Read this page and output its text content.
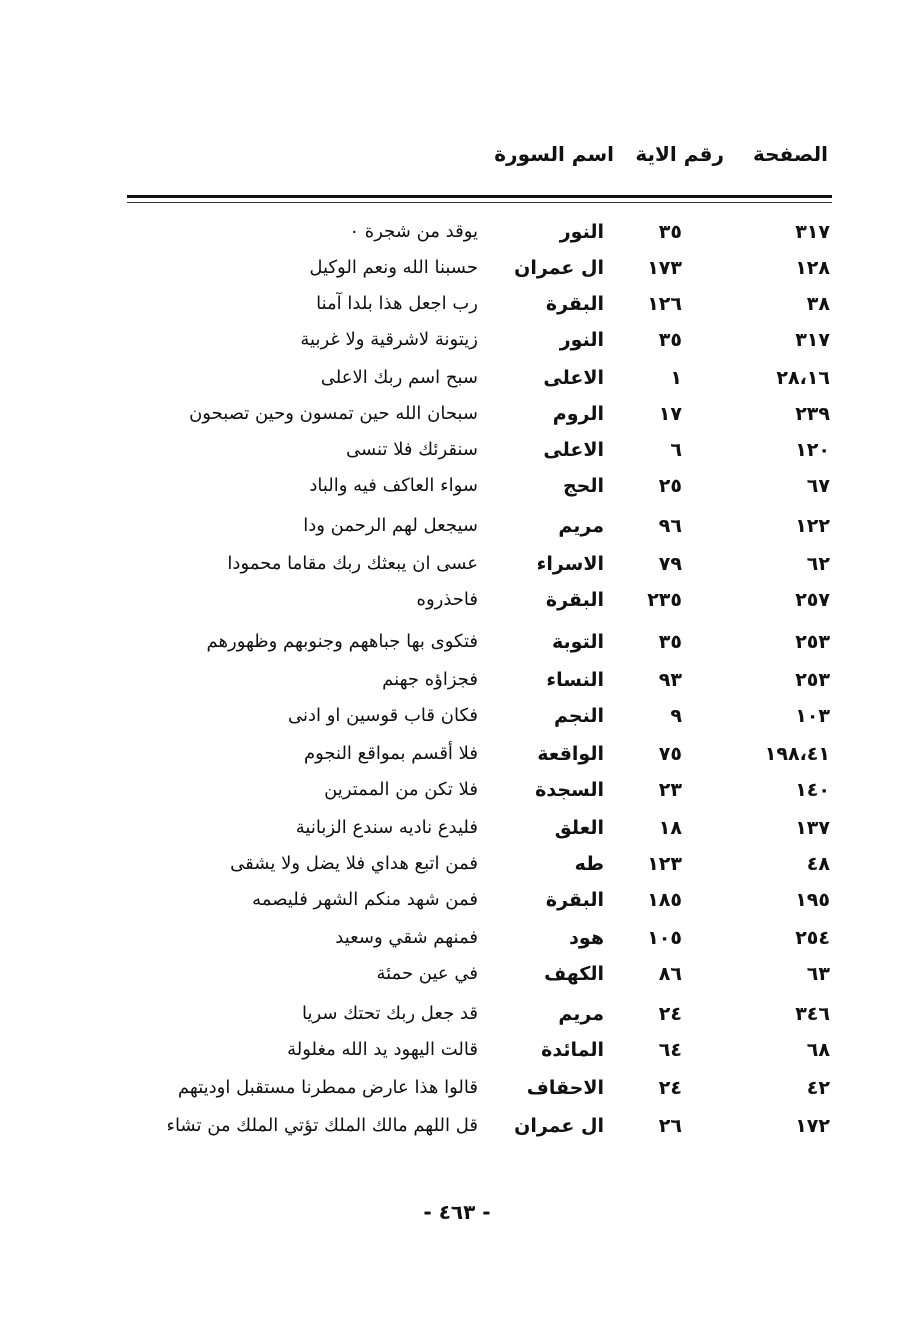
الصفحة
رقم الاية
اسم السورة
٣١٧
٣٥
النور
يوقد من شجرة ٠
١٢٨
١٧٣
ال عمران
حسبنا الله ونعم الوكيل
٣٨
١٢٦
البقرة
رب اجعل هذا بلدا آمنا
٣١٧
٣٥
النور
زيتونة لاشرقية ولا غربية
٢٨،١٦
١
الاعلى
سبح اسم ربك الاعلى
٢٣٩
١٧
الروم
سبحان الله حين تمسون وحين تصبحون
١٢٠
٦
الاعلى
سنقرئك فلا تنسى
٦٧
٢٥
الحج
سواء العاكف فيه والباد
١٢٢
٩٦
مريم
سيجعل لهم الرحمن ودا
٦٢
٧٩
الاسراء
عسى ان يبعثك ربك مقاما محمودا
٢٥٧
٢٣٥
البقرة
فاحذروه
٢٥٣
٣٥
التوبة
فتكوى بها جباههم وجنوبهم وظهورهم
٢٥٣
٩٣
النساء
فجزاؤه جهنم
١٠٣
٩
النجم
فكان قاب قوسين او ادنى
١٩٨،٤١
٧٥
الواقعة
فلا أقسم بمواقع النجوم
١٤٠
٢٣
السجدة
فلا تكن من الممترين
١٣٧
١٨
العلق
فليدع ناديه سندع الزبانية
٤٨
١٢٣
طه
فمن اتبع هداي فلا يضل ولا يشقى
١٩٥
١٨٥
البقرة
فمن شهد منكم الشهر فليصمه
٢٥٤
١٠٥
هود
فمنهم شقي وسعيد
٦٣
٨٦
الكهف
في عين حمئة
٣٤٦
٢٤
مريم
قد جعل ربك تحتك سريا
٦٨
٦٤
المائدة
قالت اليهود يد الله مغلولة
٤٢
٢٤
الاحقاف
قالوا هذا عارض ممطرنا مستقبل اوديتهم
١٧٢
٢٦
ال عمران
قل اللهم مالك الملك تؤتي الملك من تشاء
- ٤٦٣ -
